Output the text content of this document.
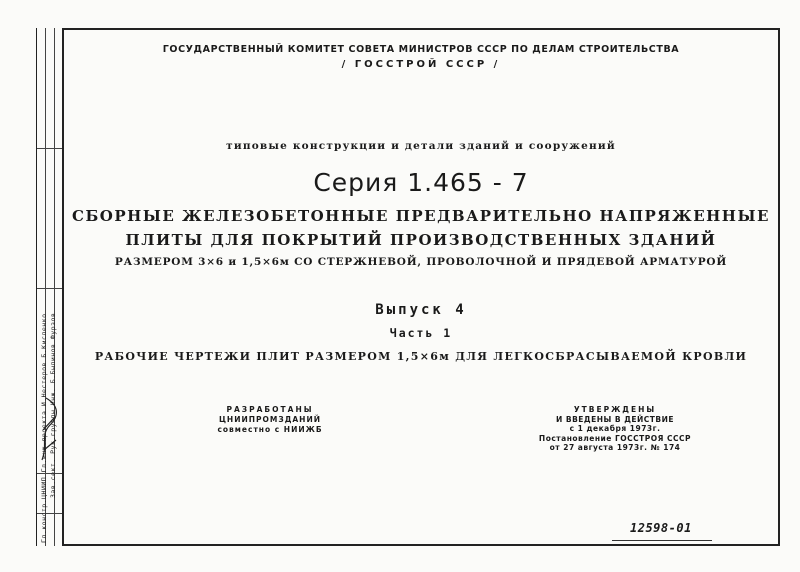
Гл.констр.ЦНИИП Гл.инж.проекта И.Нестеров Б.Кисленко Зав.сект. Рук.группы Инж. Б.Былинов Фурзов
ГОСУДАРСТВЕННЫЙ КОМИТЕТ СОВЕТА МИНИСТРОВ СССР ПО ДЕЛАМ СТРОИТЕЛЬСТВА
/ ГОССТРОЙ СССР /
типовые конструкции и детали зданий и сооружений
Серия 1.465 - 7
СБОРНЫЕ ЖЕЛЕЗОБЕТОННЫЕ ПРЕДВАРИТЕЛЬНО НАПРЯЖЕННЫЕ
ПЛИТЫ ДЛЯ ПОКРЫТИЙ ПРОИЗВОДСТВЕННЫХ ЗДАНИЙ
РАЗМЕРОМ 3×6 и 1,5×6м СО СТЕРЖНЕВОЙ, ПРОВОЛОЧНОЙ И ПРЯДЕВОЙ АРМАТУРОЙ
Выпуск 4
Часть 1
РАБОЧИЕ ЧЕРТЕЖИ ПЛИТ РАЗМЕРОМ 1,5×6м ДЛЯ ЛЕГКОСБРАСЫВАЕМОЙ КРОВЛИ
РАЗРАБОТАНЫ
ЦНИИПРОМЗДАНИЙ
совместно с НИИЖБ
УТВЕРЖДЕНЫ
И ВВЕДЕНЫ В ДЕЙСТВИЕ
с 1 декабря 1973г.
Постановление ГОССТРОЯ СССР
от 27 августа 1973г. № 174
12598-01
